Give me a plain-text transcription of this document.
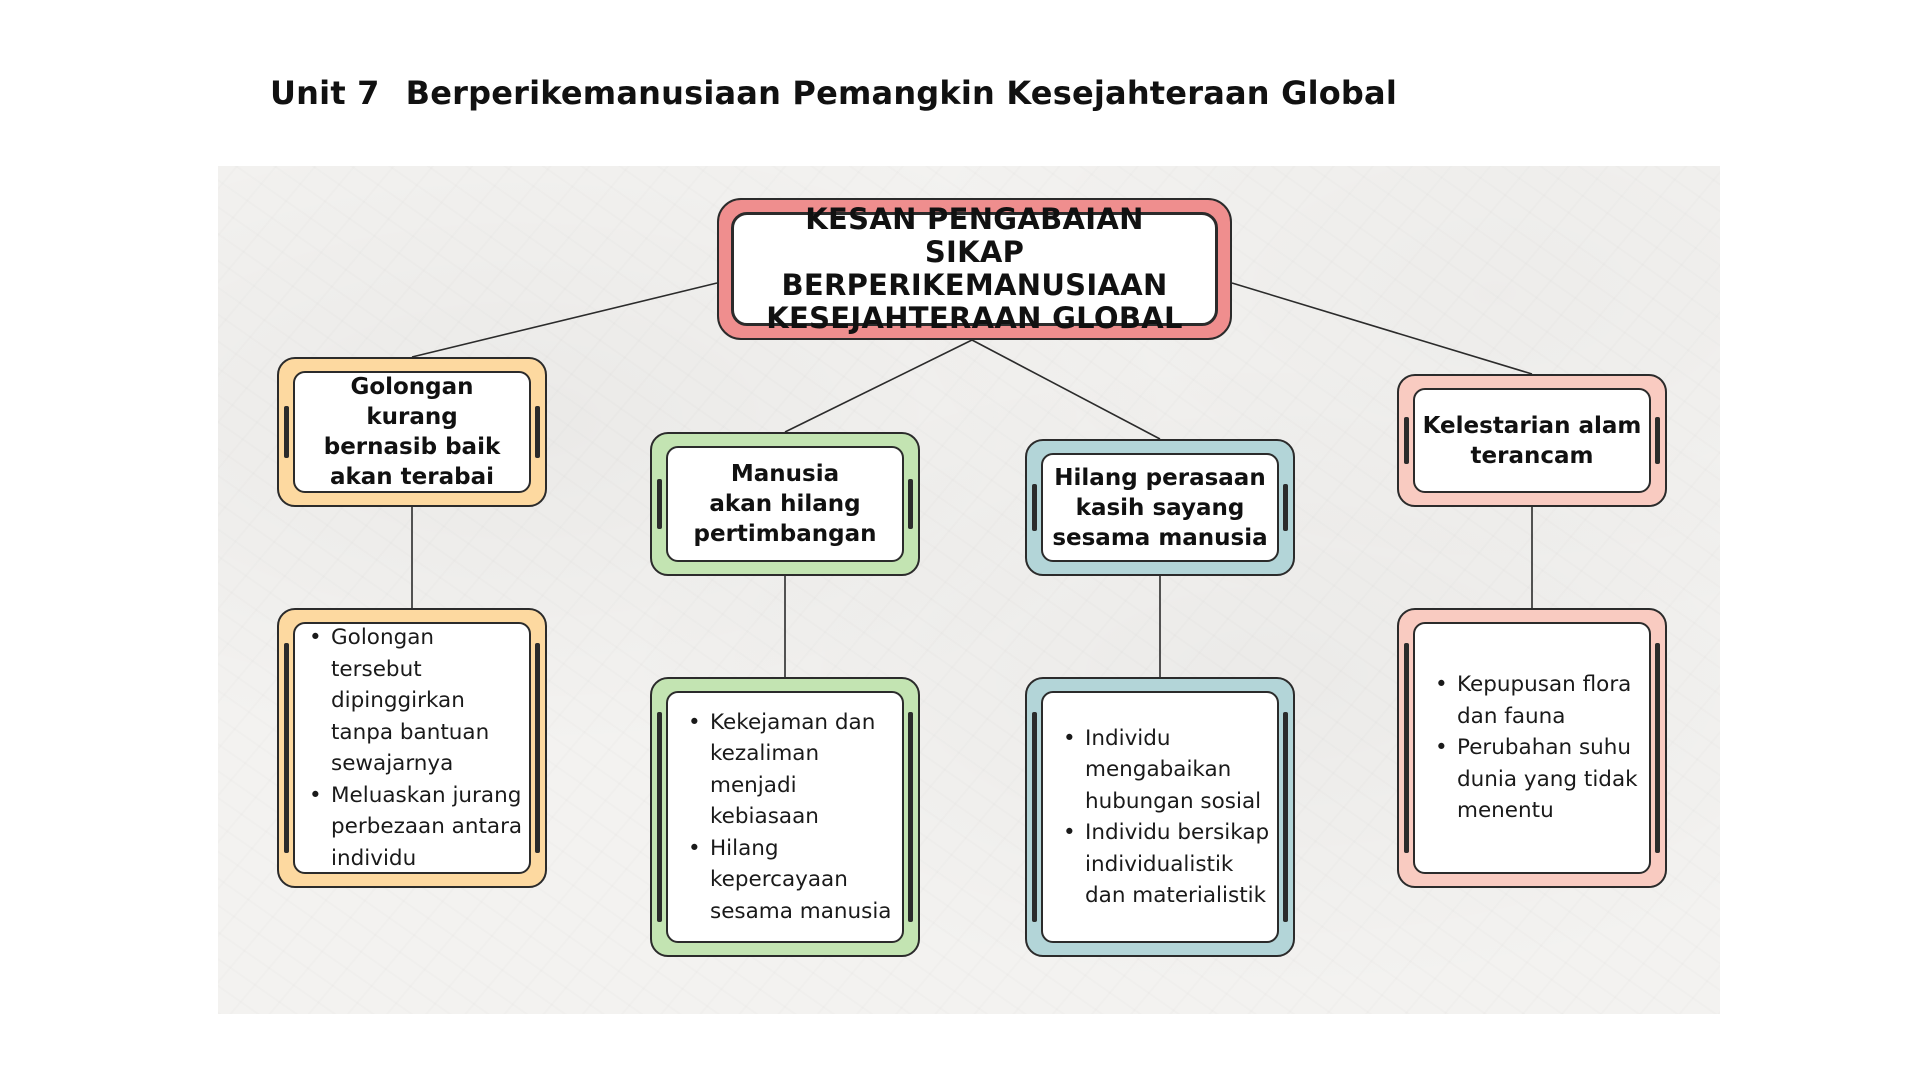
Unit 7 Berperikemanusiaan Pemangkin Kesejahteraan Global
KESAN PENGABAIAN
SIKAP BERPERIKEMANUSIAAN
KESEJAHTERAAN GLOBAL
Golongan kurang
bernasib baik
akan terabai
• Golongan tersebut dipinggirkan tanpa bantuan sewajarnya
• Meluaskan jurang perbezaan antara individu
Manusia
akan hilang
pertimbangan
• Kekejaman dan kezaliman menjadi kebiasaan
• Hilang kepercayaan sesama manusia
Hilang perasaan
kasih sayang
sesama manusia
• Individu mengabaikan hubungan sosial
• Individu bersikap individualistik dan materialistik
Kelestarian alam
terancam
• Kepupusan flora dan fauna
• Perubahan suhu dunia yang tidak menentu
